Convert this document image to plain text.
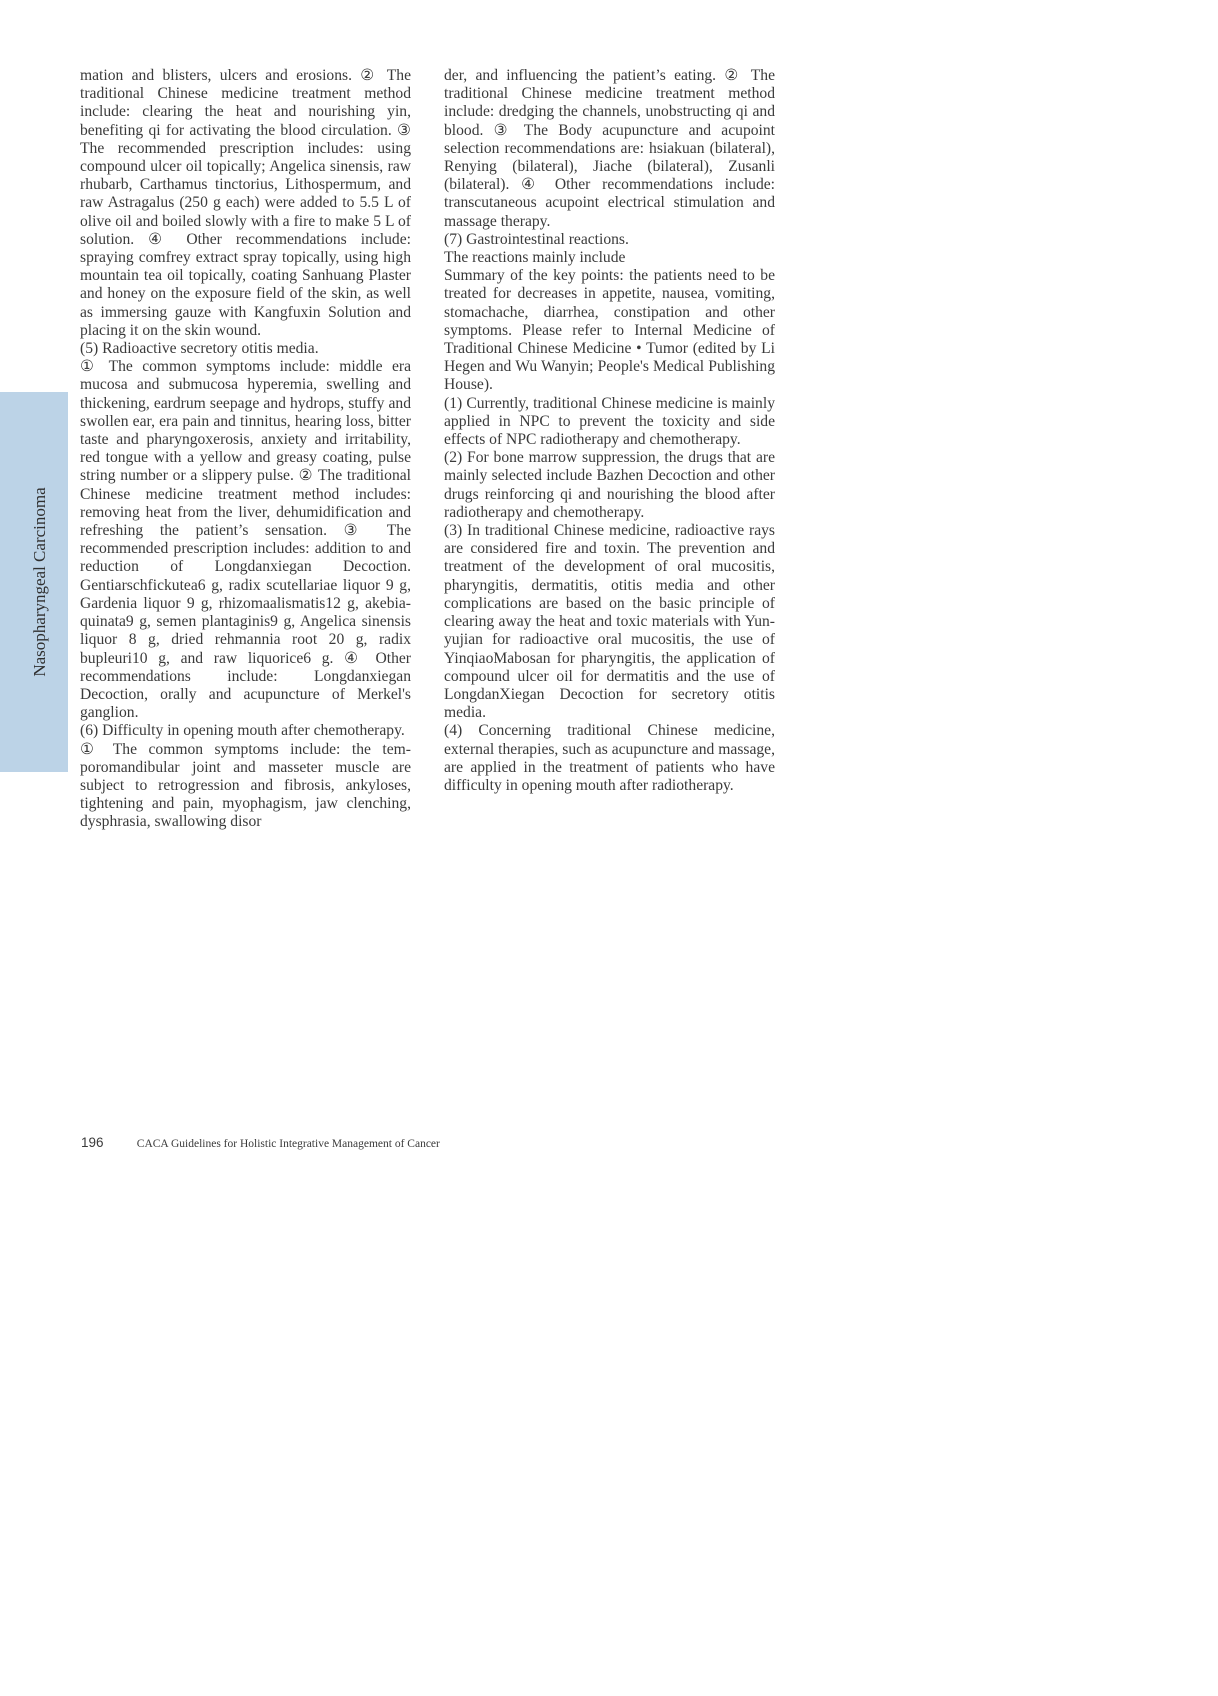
Nasopharyngeal Carcinoma

mation and blisters, ulcers and erosions. ② The traditional Chinese medicine treatment method include: clearing the heat and nourishing yin, benefiting qi for activating the blood circulation. ③ The recommended prescription includes: using compound ulcer oil topically; Angelica sinensis, raw rhubarb, Carthamus tinctorius, Lithospermum, and raw Astragalus (250 g each) were added to 5.5 L of olive oil and boiled slowly with a fire to make 5 L of solution. ④ Other recommendations include: spraying comfrey extract spray topically, using high mountain tea oil topically, coating Sanhuang Plaster and honey on the exposure field of the skin, as well as immersing gauze with Kangfuxin Solution and placing it on the skin wound.

(5) Radioactive secretory otitis media.

① The common symptoms include: middle era mucosa and submucosa hyperemia, swelling and thickening, eardrum seepage and hydrops, stuffy and swollen ear, era pain and tinnitus, hearing loss, bitter taste and pharyngoxerosis, anxiety and irritability, red tongue with a yellow and greasy coating, pulse string number or a slippery pulse. ② The traditional Chinese medicine treatment method includes: removing heat from the liver, dehumidification and refreshing the patient’s sensation. ③ The recommended prescription includes: addition to and reduction of Longdanxiegan Decoction. Gentiarschfickutea6 g, radix scutellariae liquor 9 g, Gardenia liquor 9 g, rhizomaalismatis12 g, akebiaquinata9 g, semen plantaginis9 g, Angelica sinensis liquor 8 g, dried rehmannia root 20 g, radix bupleuri10 g, and raw liquorice6 g. ④ Other recommendations include: Longdanxiegan Decoction, orally and acupuncture of Merkel's ganglion.

(6) Difficulty in opening mouth after chemotherapy.

① The common symptoms include: the temporomandibular joint and masseter muscle are subject to retrogression and fibrosis, ankyloses, tightening and pain, myophagism, jaw clenching, dysphrasia, swallowing disor

der, and influencing the patient’s eating. ② The traditional Chinese medicine treatment method include: dredging the channels, unobstructing qi and blood. ③ The Body acupuncture and acupoint selection recommendations are: hsiakuan (bilateral), Renying (bilateral), Jiache (bilateral), Zusanli (bilateral). ④ Other recommendations include: transcutaneous acupoint electrical stimulation and massage therapy.

(7) Gastrointestinal reactions.

The reactions mainly include

Summary of the key points: the patients need to be treated for decreases in appetite, nausea, vomiting, stomachache, diarrhea, constipation and other symptoms. Please refer to Internal Medicine of Traditional Chinese Medicine • Tumor (edited by Li Hegen and Wu Wanyin; People's Medical Publishing House).

(1) Currently, traditional Chinese medicine is mainly applied in NPC to prevent the toxicity and side effects of NPC radiotherapy and chemotherapy.

(2) For bone marrow suppression, the drugs that are mainly selected include Bazhen Decoction and other drugs reinforcing qi and nourishing the blood after radiotherapy and chemotherapy.

(3) In traditional Chinese medicine, radioactive rays are considered fire and toxin. The prevention and treatment of the development of oral mucositis, pharyngitis, dermatitis, otitis media and other complications are based on the basic principle of clearing away the heat and toxic materials with Yunyujian for radioactive oral mucositis, the use of YinqiaoMabosan for pharyngitis, the application of compound ulcer oil for dermatitis and the use of LongdanXiegan Decoction for secretory otitis media.

(4) Concerning traditional Chinese medicine, external therapies, such as acupuncture and massage, are applied in the treatment of patients who have difficulty in opening mouth after radiotherapy.

196	CACA Guidelines for Holistic Integrative Management of Cancer
